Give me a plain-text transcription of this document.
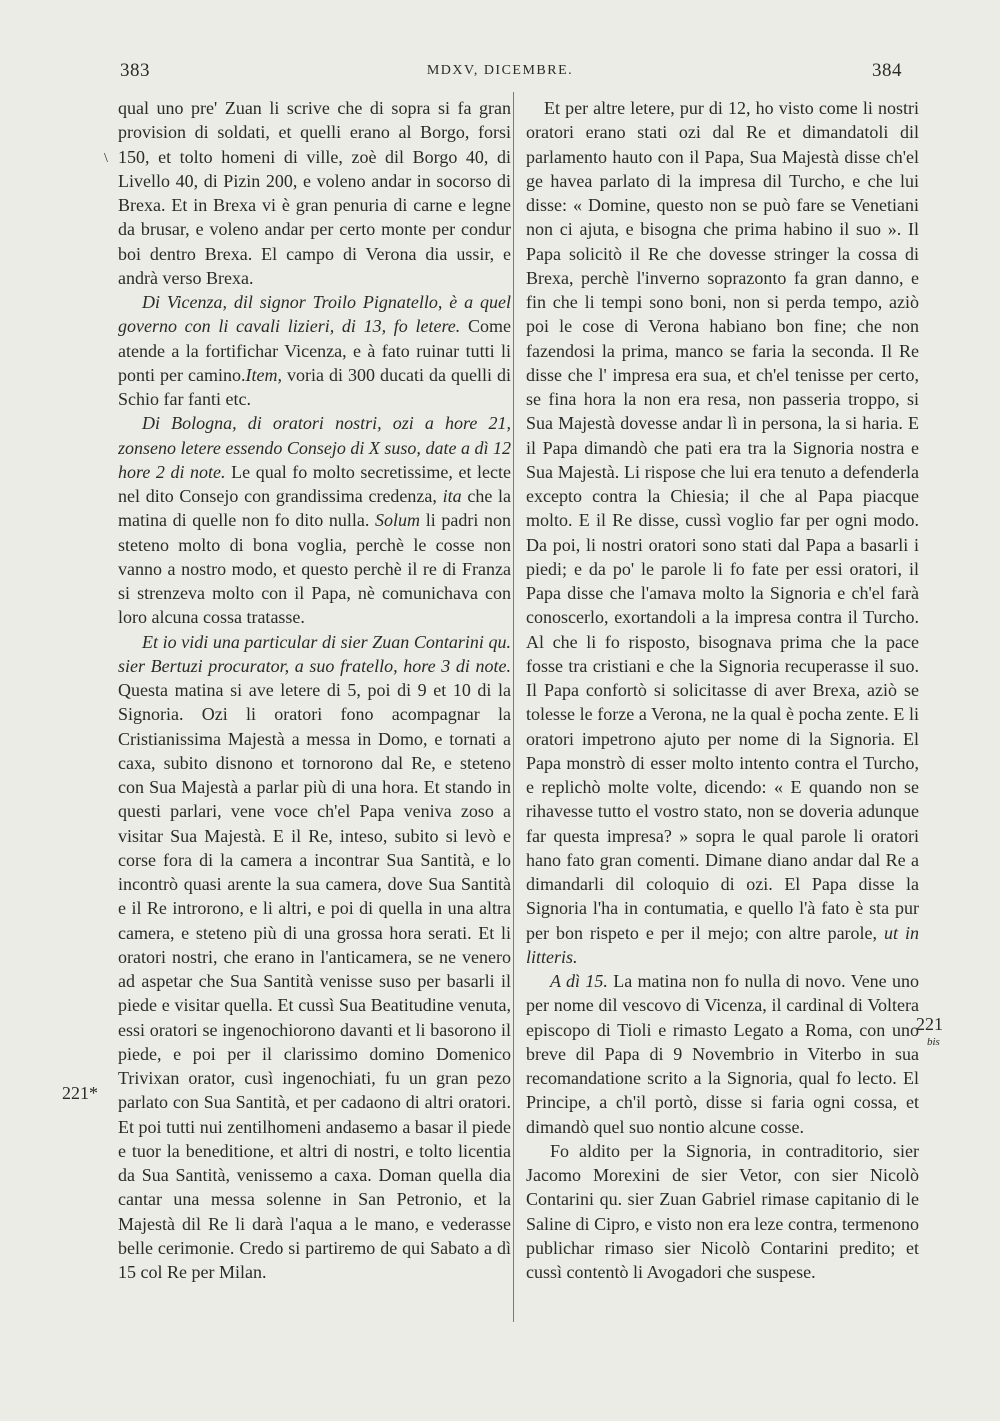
383	MDXV, DICEMBRE.	384
\
221*
221
bis

qual uno pre' Zuan li scrive che di sopra si fa gran provision di soldati, et quelli erano al Borgo, forsi 150, et tolto homeni di ville, zoè dil Borgo 40, di Livello 40, di Pizin 200, e voleno andar in socorso di Brexa. Et in Brexa vi è gran penuria di carne e legne da brusar, e voleno andar per certo monte per condur boi dentro Brexa. El campo di Verona dia ussir, e andrà verso Brexa.

Di Vicenza, dil signor Troilo Pignatello, è a quel governo con li cavali lizieri, di 13, fo letere. Come atende a la fortifichar Vicenza, e à fato ruinar tutti li ponti per camino.Item, voria di 300 ducati da quelli di Schio far fanti etc.

Di Bologna, di oratori nostri, ozi a hore 21, zonseno letere essendo Consejo di X suso, date a dì 12 hore 2 di note. Le qual fo molto secretissime, et lecte nel dito Consejo con grandissima credenza, ita che la matina di quelle non fo dito nulla. Solum li padri non steteno molto di bona voglia, perchè le cosse non vanno a nostro modo, et questo perchè il re di Franza si strenzeva molto con il Papa, nè comunichava con loro alcuna cossa tratasse.

Et io vidi una particular di sier Zuan Contarini qu. sier Bertuzi procurator, a suo fratello, hore 3 di note. Questa matina si ave letere di 5, poi di 9 et 10 di la Signoria. Ozi li oratori fono acompagnar la Cristianissima Majestà a messa in Domo, e tornati a caxa, subito disnono et tornorono dal Re, e steteno con Sua Majestà a parlar più di una hora. Et stando in questi parlari, vene voce ch'el Papa veniva zoso a visitar Sua Majestà. E il Re, inteso, subito si levò e corse fora di la camera a incontrar Sua Santità, e lo incontrò quasi arente la sua camera, dove Sua Santità e il Re introrono, e li altri, e poi di quella in una altra camera, e steteno più di una grossa hora serati. Et li oratori nostri, che erano in l'anticamera, se ne venero ad aspetar che Sua Santità venisse suso per basarli il piede e visitar quella. Et cussì Sua Beatitudine venuta, essi oratori se ingenochiorono davanti et li basorono il piede, e poi per il clarissimo domino Domenico Trivixan orator, cusì ingenochiati, fu un gran pezo parlato con Sua Santità, et per cadaono di altri oratori. Et poi tutti nui zentilhomeni andasemo a basar il piede e tuor la beneditione, et altri di nostri, e tolto licentia da Sua Santità, venissemo a caxa. Doman quella dia cantar una messa solenne in San Petronio, et la Majestà dil Re li darà l'aqua a le mano, e vederasse belle cerimonie. Credo si partiremo de qui Sabato a dì 15 col Re per Milan.

Et per altre letere, pur di 12, ho visto come li nostri oratori erano stati ozi dal Re et dimandatoli dil parlamento hauto con il Papa, Sua Majestà disse ch'el ge havea parlato di la impresa dil Turcho, e che lui disse: « Domine, questo non se può fare se Venetiani non ci ajuta, e bisogna che prima habino il suo ». Il Papa solicitò il Re che dovesse stringer la cossa di Brexa, perchè l'inverno soprazonto fa gran danno, e fin che li tempi sono boni, non si perda tempo, aziò poi le cose di Verona habiano bon fine; che non fazendosi la prima, manco se faria la seconda. Il Re disse che l' impresa era sua, et ch'el tenisse per certo, se fina hora la non era resa, non passeria troppo, si Sua Majestà dovesse andar lì in persona, la si haria. E il Papa dimandò che pati era tra la Signoria nostra e Sua Majestà. Li rispose che lui era tenuto a defenderla excepto contra la Chiesia; il che al Papa piacque molto. E il Re disse, cussì voglio far per ogni modo. Da poi, li nostri oratori sono stati dal Papa a basarli i piedi; e da po' le parole li fo fate per essi oratori, il Papa disse che l'amava molto la Signoria e ch'el farà conoscerlo, exortandoli a la impresa contra il Turcho. Al che li fo risposto, bisognava prima che la pace fosse tra cristiani e che la Signoria recuperasse il suo. Il Papa confortò si solicitasse di aver Brexa, aziò se tolesse le forze a Verona, ne la qual è pocha zente. E li oratori impetrono ajuto per nome di la Signoria. El Papa monstrò di esser molto intento contra el Turcho, e replichò molte volte, dicendo: « E quando non se rihavesse tutto el vostro stato, non se doveria adunque far questa impresa? » sopra le qual parole li oratori hano fato gran comenti. Dimane diano andar dal Re a dimandarli dil coloquio di ozi. El Papa disse la Signoria l'ha in contumatia, e quello l'à fato è sta pur per bon rispeto e per il mejo; con altre parole, ut in litteris.

A dì 15. La matina non fo nulla di novo. Vene uno per nome dil vescovo di Vicenza, il cardinal di Voltera episcopo di Tioli e rimasto Legato a Roma, con uno breve dil Papa di 9 Novembrio in Viterbo in sua recomandatione scrito a la Signoria, qual fo lecto. El Principe, a ch'il portò, disse si faria ogni cossa, et dimandò quel suo nontio alcune cosse.

Fo aldito per la Signoria, in contraditorio, sier Jacomo Morexini de sier Vetor, con sier Nicolò Contarini qu. sier Zuan Gabriel rimase capitanio di le Saline di Cipro, e visto non era leze contra, termenono publichar rimaso sier Nicolò Contarini predito; et cussì contentò li Avogadori che suspese.
